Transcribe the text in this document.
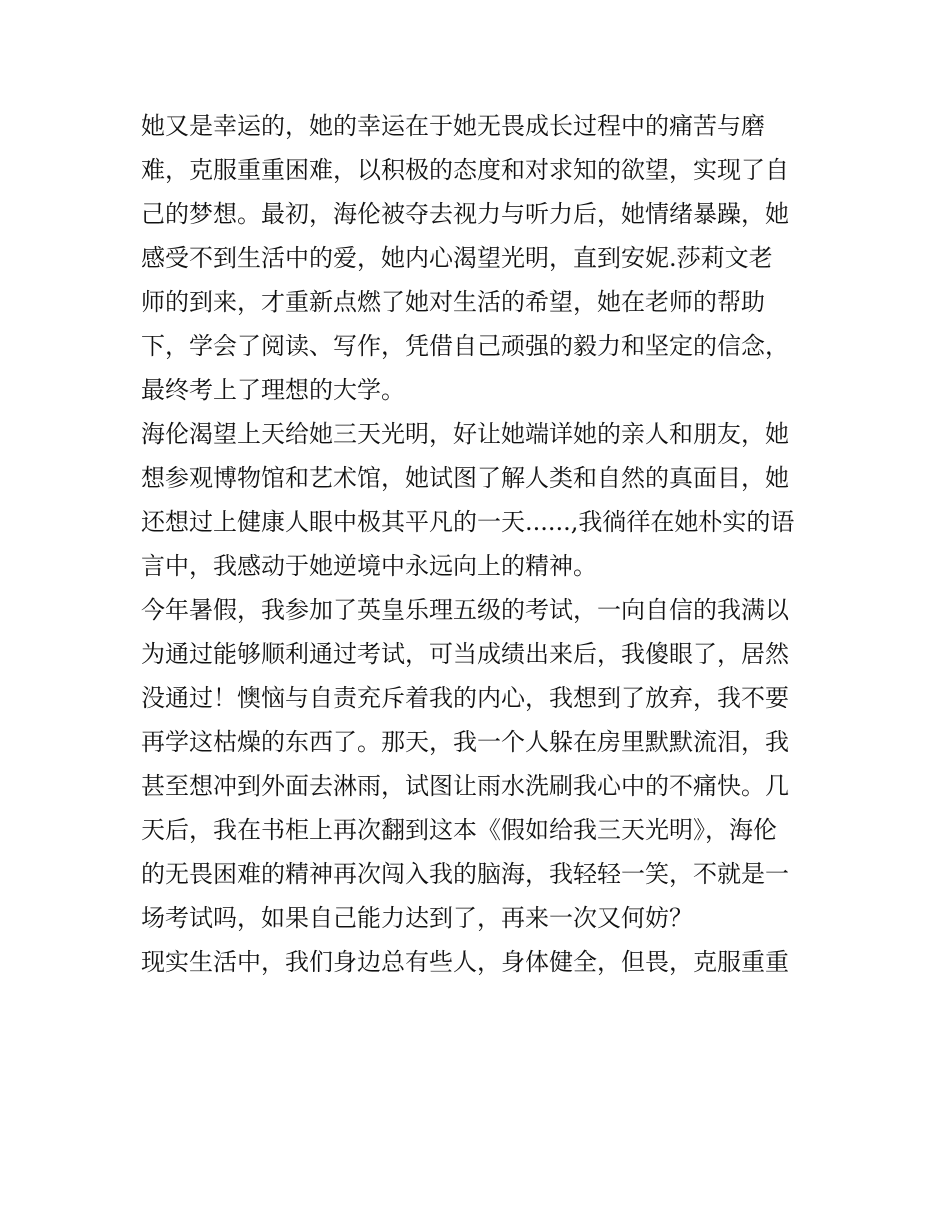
她又是幸运的，她的幸运在于她无畏成长过程中的痛苦与磨
难，克服重重困难，以积极的态度和对求知的欲望，实现了自
己的梦想。最初，海伦被夺去视力与听力后，她情绪暴躁，她
感受不到生活中的爱，她内心渴望光明，直到安妮.莎莉文老
师的到来，才重新点燃了她对生活的希望，她在老师的帮助
下，学会了阅读、写作，凭借自己顽强的毅力和坚定的信念，
最终考上了理想的大学。
海伦渴望上天给她三天光明，好让她端详她的亲人和朋友，她
想参观博物馆和艺术馆，她试图了解人类和自然的真面目，她
还想过上健康人眼中极其平凡的一天......,我徜徉在她朴实的语
言中，我感动于她逆境中永远向上的精神。
今年暑假，我参加了英皇乐理五级的考试，一向自信的我满以
为通过能够顺利通过考试，可当成绩出来后，我傻眼了，居然
没通过！懊恼与自责充斥着我的内心，我想到了放弃，我不要
再学这枯燥的东西了。那天，我一个人躲在房里默默流泪，我
甚至想冲到外面去淋雨，试图让雨水洗刷我心中的不痛快。几
天后，我在书柜上再次翻到这本《假如给我三天光明》，海伦
的无畏困难的精神再次闯入我的脑海，我轻轻一笑，不就是一
场考试吗，如果自己能力达到了，再来一次又何妨？
现实生活中，我们身边总有些人，身体健全，但畏，克服重重
